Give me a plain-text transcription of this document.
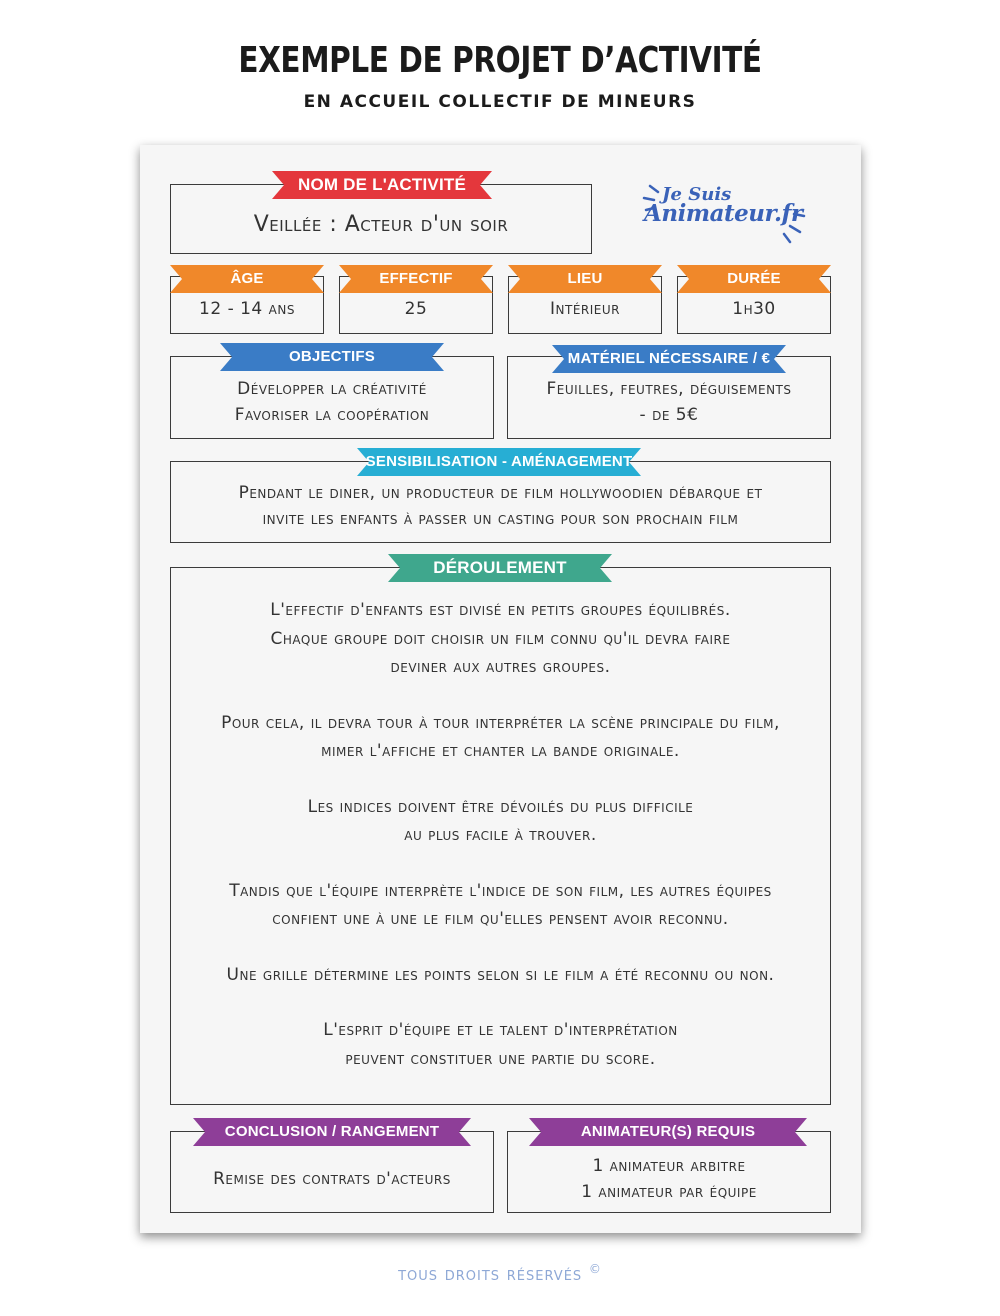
EXEMPLE DE PROJET D’ACTIVITÉ
EN ACCUEIL COLLECTIF DE MINEURS
Je Suis
Animateur.fr
Veillée : Acteur d'un soir
12 - 14 ans	25	Intérieur	1h30
Développer la créativité
Favoriser la coopération
Feuilles, feutres, déguisements
- de 5€
Pendant le diner, un producteur de film hollywoodien débarque et
invite les enfants à passer un casting pour son prochain film
L'effectif d'enfants est divisé en petits groupes équilibrés.
Chaque groupe doit choisir un film connu qu'il devra faire
deviner aux autres groupes.
Pour cela, il devra tour à tour interpréter la scène principale du film,
mimer l'affiche et chanter la bande originale.
Les indices doivent être dévoilés du plus difficile
au plus facile à trouver.
Tandis que l'équipe interprète l'indice de son film, les autres équipes
confient une à une le film qu'elles pensent avoir reconnu.
Une grille détermine les points selon si le film a été reconnu ou non.
L'esprit d'équipe et le talent d'interprétation
peuvent constituer une partie du score.
Remise des contrats d'acteurs
1 animateur arbitre
1 animateur par équipe
NOM DE L'ACTIVITÉ
ÂGE	EFFECTIF	LIEU	DURÉE
OBJECTIFS	MATÉRIEL NÉCESSAIRE / €
SENSIBILISATION - AMÉNAGEMENT
DÉROULEMENT
CONCLUSION / RANGEMENT	ANIMATEUR(S) REQUIS
tous droits réservés ©
